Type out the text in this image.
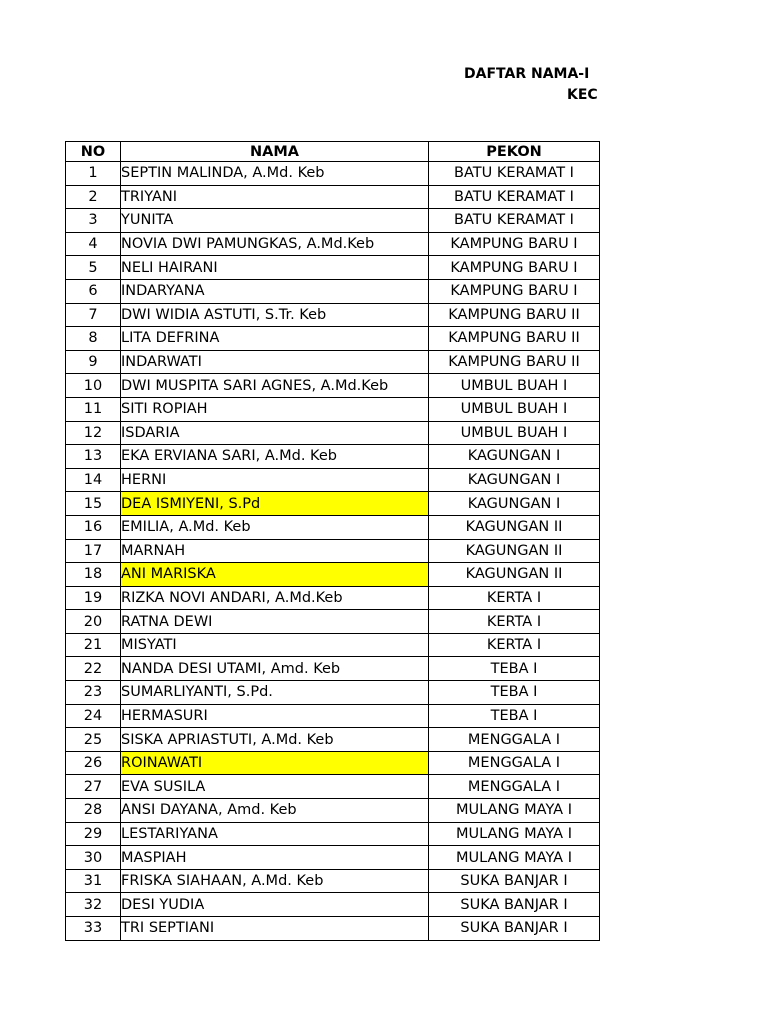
DAFTAR NAMA-I
KEC
NO	NAMA	PEKON
1	SEPTIN MALINDA, A.Md. Keb	BATU KERAMAT I
2	TRIYANI	BATU KERAMAT I
3	YUNITA	BATU KERAMAT I
4	NOVIA DWI PAMUNGKAS, A.Md.Keb	KAMPUNG BARU I
5	NELI HAIRANI	KAMPUNG BARU I
6	INDARYANA	KAMPUNG BARU I
7	DWI WIDIA ASTUTI, S.Tr. Keb	KAMPUNG BARU II
8	LITA DEFRINA	KAMPUNG BARU II
9	INDARWATI	KAMPUNG BARU II
10	DWI MUSPITA SARI AGNES, A.Md.Keb	UMBUL BUAH I
11	SITI ROPIAH	UMBUL BUAH I
12	ISDARIA	UMBUL BUAH I
13	EKA ERVIANA SARI, A.Md. Keb	KAGUNGAN I
14	HERNI	KAGUNGAN I
15	DEA ISMIYENI, S.Pd	KAGUNGAN I
16	EMILIA, A.Md. Keb	KAGUNGAN II
17	MARNAH	KAGUNGAN II
18	ANI MARISKA	KAGUNGAN II
19	RIZKA NOVI ANDARI, A.Md.Keb	KERTA I
20	RATNA DEWI	KERTA I
21	MISYATI	KERTA I
22	NANDA DESI UTAMI, Amd. Keb	TEBA I
23	SUMARLIYANTI, S.Pd.	TEBA I
24	HERMASURI	TEBA I
25	SISKA APRIASTUTI, A.Md. Keb	MENGGALA I
26	ROINAWATI	MENGGALA I
27	EVA SUSILA	MENGGALA I
28	ANSI DAYANA, Amd. Keb	MULANG MAYA I
29	LESTARIYANA	MULANG MAYA I
30	MASPIAH	MULANG MAYA I
31	FRISKA SIAHAAN, A.Md. Keb	SUKA BANJAR I
32	DESI YUDIA	SUKA BANJAR I
33	TRI SEPTIANI	SUKA BANJAR I
